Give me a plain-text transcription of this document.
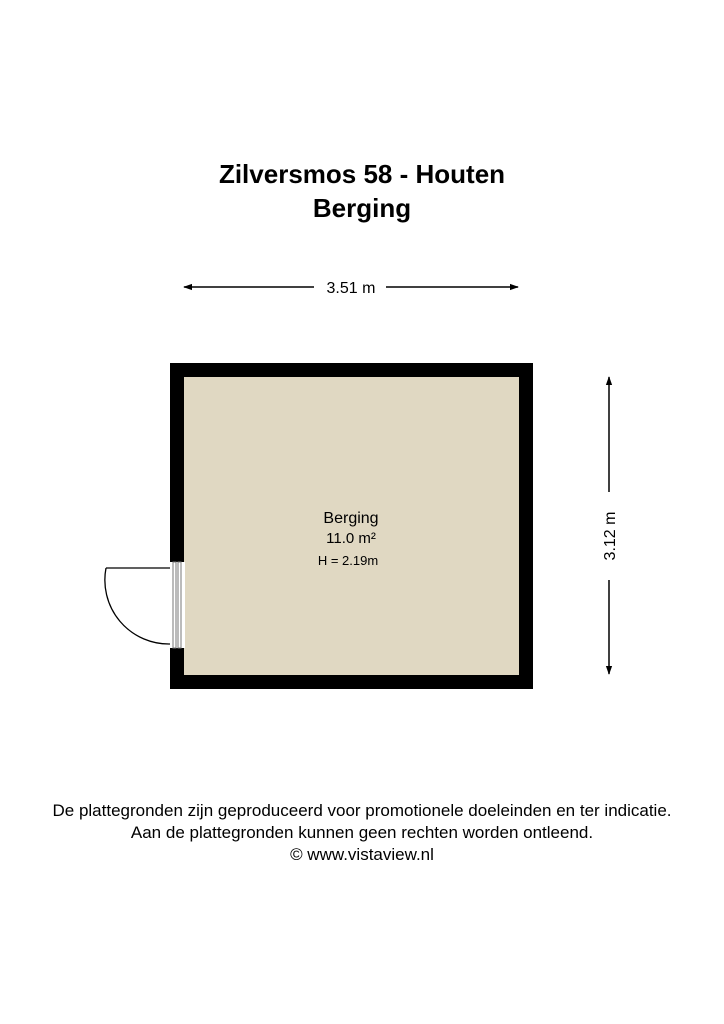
Zilversmos 58 - Houten
Berging
3.51 m
3.12 m
Berging
11.0 m²
H = 2.19m
De plattegronden zijn geproduceerd voor promotionele doeleinden en ter indicatie.
Aan de plattegronden kunnen geen rechten worden ontleend.
© www.vistaview.nl
